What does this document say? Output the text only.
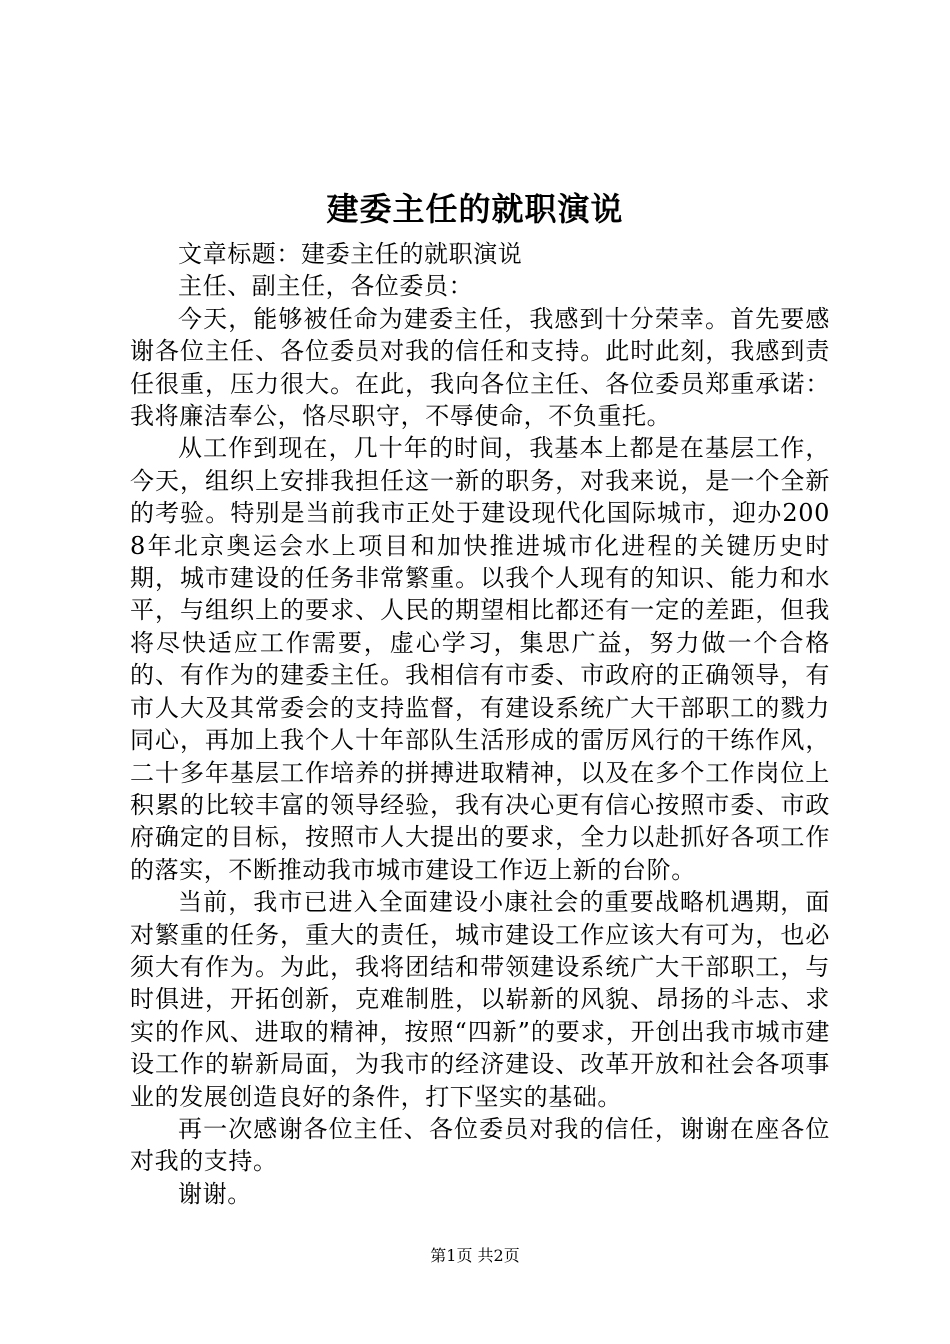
建委主任的就职演说

文章标题：建委主任的就职演说

主任、副主任，各位委员：

今天，能够被任命为建委主任，我感到十分荣幸。首先要感谢各位主任、各位委员对我的信任和支持。此时此刻，我感到责任很重，压力很大。在此，我向各位主任、各位委员郑重承诺：我将廉洁奉公，恪尽职守，不辱使命，不负重托。

从工作到现在，几十年的时间，我基本上都是在基层工作，今天，组织上安排我担任这一新的职务，对我来说，是一个全新的考验。特别是当前我市正处于建设现代化国际城市，迎办2008年北京奥运会水上项目和加快推进城市化进程的关键历史时期，城市建设的任务非常繁重。以我个人现有的知识、能力和水平，与组织上的要求、人民的期望相比都还有一定的差距，但我将尽快适应工作需要，虚心学习，集思广益，努力做一个合格的、有作为的建委主任。我相信有市委、市政府的正确领导，有市人大及其常委会的支持监督，有建设系统广大干部职工的戮力同心，再加上我个人十年部队生活形成的雷厉风行的干练作风，二十多年基层工作培养的拼搏进取精神，以及在多个工作岗位上积累的比较丰富的领导经验，我有决心更有信心按照市委、市政府确定的目标，按照市人大提出的要求，全力以赴抓好各项工作的落实，不断推动我市城市建设工作迈上新的台阶。

当前，我市已进入全面建设小康社会的重要战略机遇期，面对繁重的任务，重大的责任，城市建设工作应该大有可为，也必须大有作为。为此，我将团结和带领建设系统广大干部职工，与时俱进，开拓创新，克难制胜，以崭新的风貌、昂扬的斗志、求实的作风、进取的精神，按照“四新”的要求，开创出我市城市建设工作的崭新局面，为我市的经济建设、改革开放和社会各项事业的发展创造良好的条件，打下坚实的基础。

再一次感谢各位主任、各位委员对我的信任，谢谢在座各位对我的支持。

谢谢。

第1页 共2页
